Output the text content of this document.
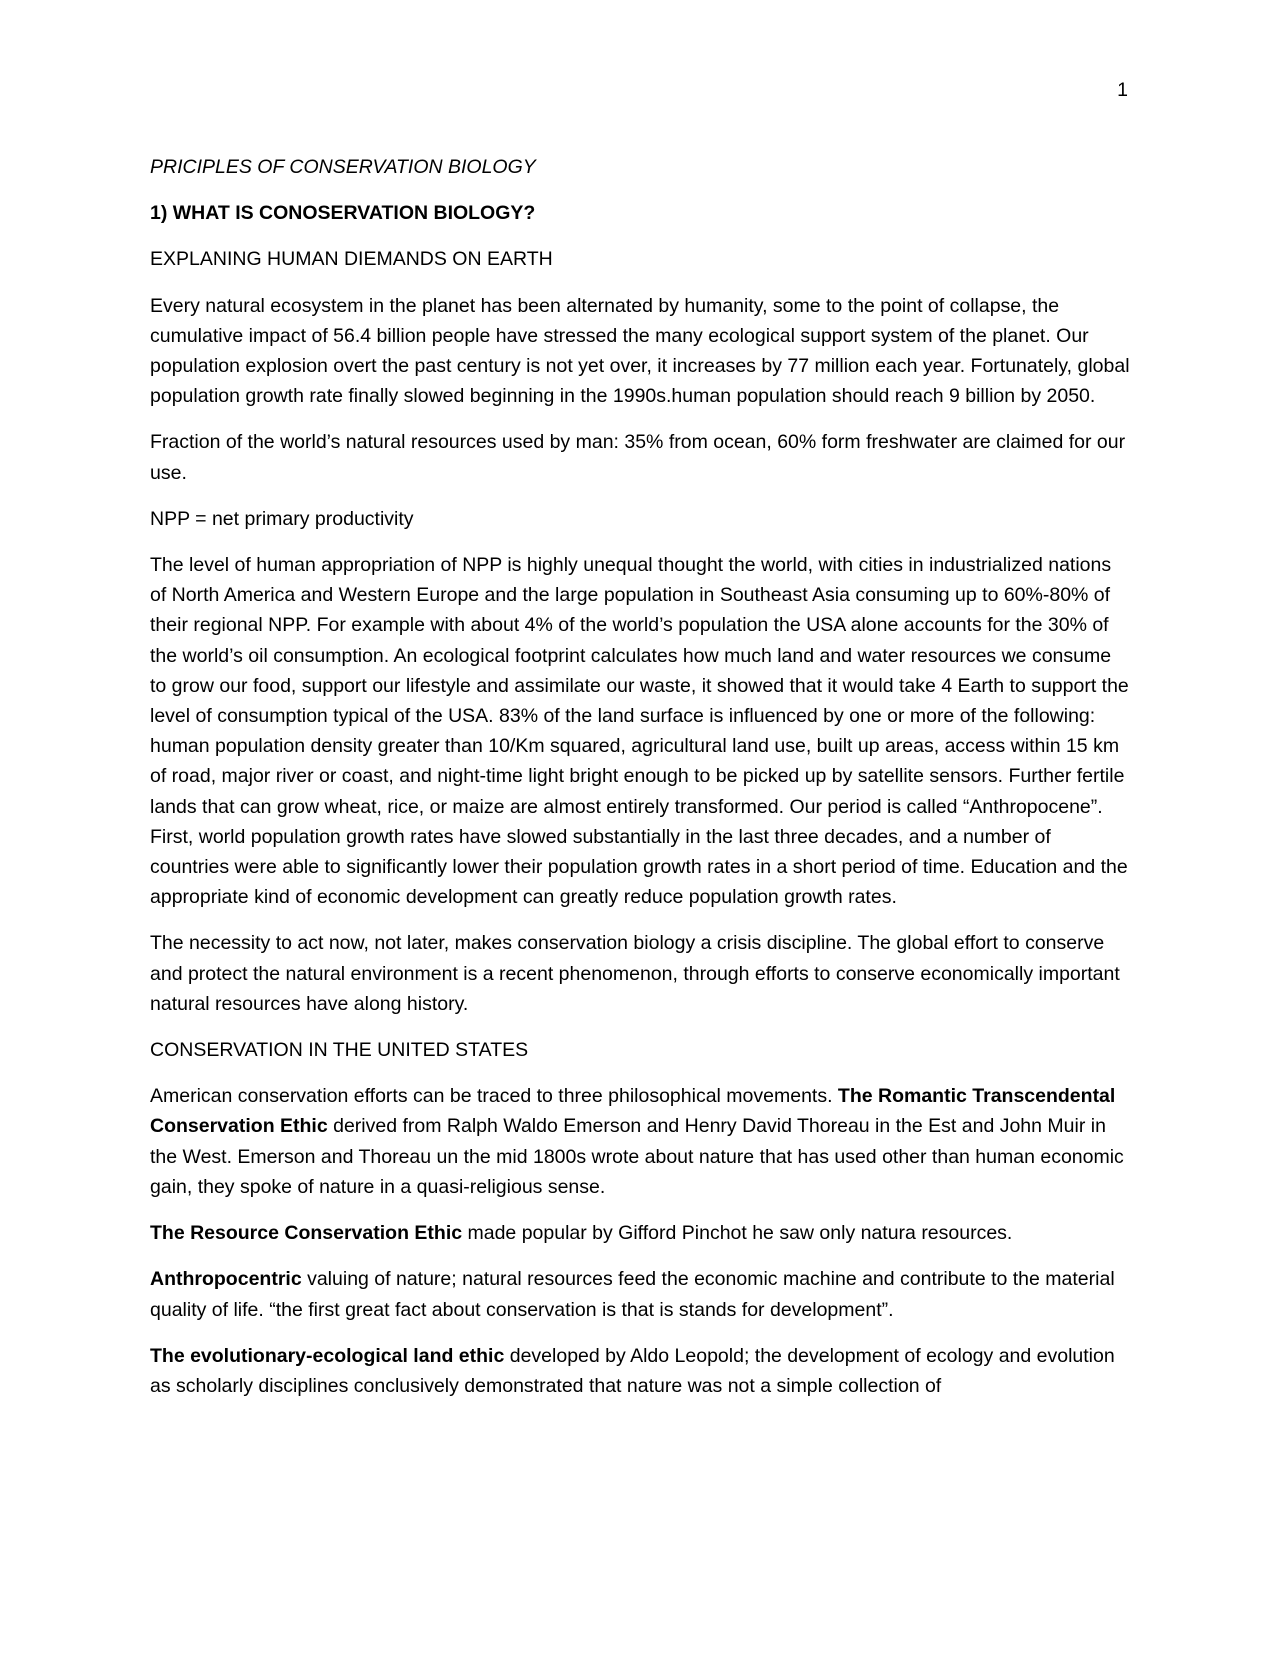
1

PRICIPLES OF CONSERVATION BIOLOGY

1) WHAT IS CONOSERVATION BIOLOGY?

EXPLANING HUMAN DIEMANDS ON EARTH

Every natural ecosystem in the planet has been alternated by humanity, some to the point of collapse, the cumulative impact of 56.4 billion people have stressed the many ecological support system of the planet. Our population explosion overt the past century is not yet over, it increases by 77 million each year. Fortunately, global population growth rate finally slowed beginning in the 1990s.human population should reach 9 billion by 2050.

Fraction of the world’s natural resources used by man: 35% from ocean, 60% form freshwater are claimed for our use.

NPP = net primary productivity

The level of human appropriation of NPP is highly unequal thought the world, with cities in industrialized nations of North America and Western Europe and the large population in Southeast Asia consuming up to 60%-80% of their regional NPP. For example with about 4% of the world’s population the USA alone accounts for the 30% of the world’s oil consumption. An ecological footprint calculates how much land and water resources we consume to grow our food, support our lifestyle and assimilate our waste, it showed that it would take 4 Earth to support the level of consumption typical of the USA. 83% of the land surface is influenced by one or more of the following: human population density greater than 10/Km squared, agricultural land use, built up areas, access within 15 km of road, major river or coast, and night-time light bright enough to be picked up by satellite sensors. Further fertile lands that can grow wheat, rice, or maize are almost entirely transformed. Our period is called “Anthropocene”. First, world population growth rates have slowed substantially in the last three decades, and a number of countries were able to significantly lower their population growth rates in a short period of time. Education and the appropriate kind of economic development can greatly reduce population growth rates.

The necessity to act now, not later, makes conservation biology a crisis discipline. The global effort to conserve and protect the natural environment is a recent phenomenon, through efforts to conserve economically important natural resources have along history.

CONSERVATION IN THE UNITED STATES

American conservation efforts can be traced to three philosophical movements. The Romantic Transcendental Conservation Ethic derived from Ralph Waldo Emerson and Henry David Thoreau in the Est and John Muir in the West. Emerson and Thoreau un the mid 1800s wrote about nature that has used other than human economic gain, they spoke of nature in a quasi-religious sense.

The Resource Conservation Ethic made popular by Gifford Pinchot he saw only natura resources.

Anthropocentric valuing of nature; natural resources feed the economic machine and contribute to the material quality of life. “the first great fact about conservation is that is stands for development”.

The evolutionary-ecological land ethic developed by Aldo Leopold; the development of ecology and evolution as scholarly disciplines conclusively demonstrated that nature was not a simple collection of
